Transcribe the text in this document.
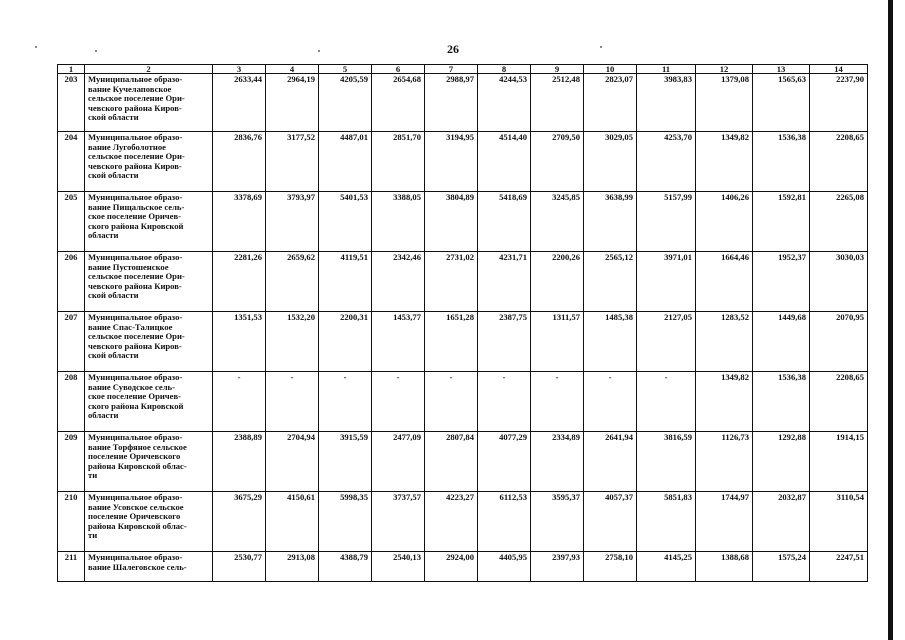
26
1	2	3	4	5	6	7	8	9	10	11	12	13	14
203	Муниципальное образо-
вание Кучелаповское
сельское поселение Ори-
чевского района Киров-
ской области	2633,44	2964,19	4205,59	2654,68	2988,97	4244,53	2512,48	2823,07	3983,83	1379,08	1565,63	2237,90
204	Муниципальное образо-
вание Лугоболотное
сельское поселение Ори-
чевского района Киров-
ской области	2836,76	3177,52	4487,01	2851,70	3194,95	4514,40	2709,50	3029,05	4253,70	1349,82	1536,38	2208,65
205	Муниципальное образо-
вание Пищальское сель-
ское поселение Оричев-
ского района Кировской
области	3378,69	3793,97	5401,53	3388,05	3804,89	5418,69	3245,85	3638,99	5157,99	1406,26	1592,81	2265,08
206	Муниципальное образо-
вание Пустошенское
сельское поселение Ори-
чевского района Киров-
ской области	2281,26	2659,62	4119,51	2342,46	2731,02	4231,71	2200,26	2565,12	3971,01	1664,46	1952,37	3030,03
207	Муниципальное образо-
вание Спас-Талицкое
сельское поселение Ори-
чевского района Киров-
ской области	1351,53	1532,20	2200,31	1453,77	1651,28	2387,75	1311,57	1485,38	2127,05	1283,52	1449,68	2070,95
208	Муниципальное образо-
вание Суводское сель-
ское поселение Оричев-
ского района Кировской
области	-	-	-	-	-	-	-	-	-	1349,82	1536,38	2208,65
209	Муниципальное образо-
вание Торфяное сельское
поселение Оричевского
района Кировской облас-
ти	2388,89	2704,94	3915,59	2477,09	2807,84	4077,29	2334,89	2641,94	3816,59	1126,73	1292,88	1914,15
210	Муниципальное образо-
вание Усовское сельское
поселение Оричевского
района Кировской облас-
ти	3675,29	4150,61	5998,35	3737,57	4223,27	6112,53	3595,37	4057,37	5851,83	1744,97	2032,87	3110,54
211	Муниципальное образо-
вание Шалеговское сель-	2530,77	2913,08	4388,79	2540,13	2924,00	4405,95	2397,93	2758,10	4145,25	1388,68	1575,24	2247,51
